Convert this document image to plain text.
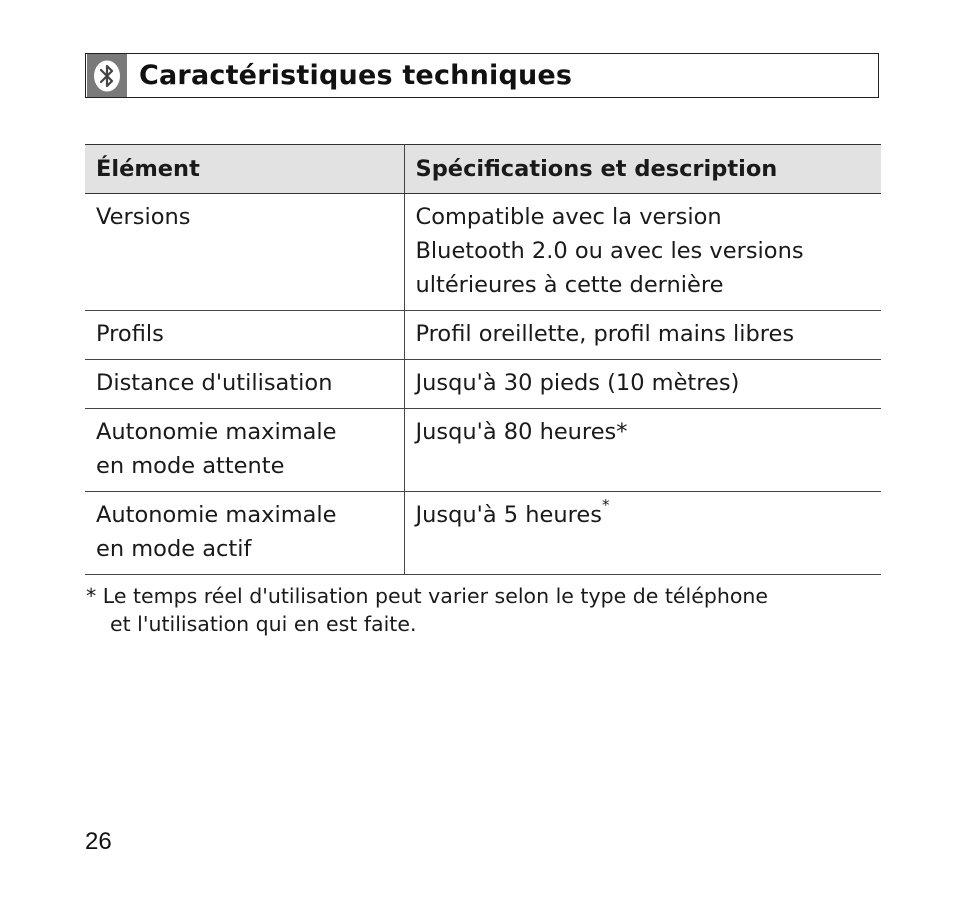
Caractéristiques techniques
Élément	Spécifications et description

Versions	Compatible avec la version
Bluetooth 2.0 ou avec les versions
ultérieures à cette dernière

Profils	Profil oreillette, profil mains libres

Distance d'utilisation	Jusqu'à 30 pieds (10 mètres)

Autonomie maximale
en mode attente	Jusqu'à 80 heures*

Autonomie maximale
en mode actif	Jusqu'à 5 heures*
* Le temps réel d'utilisation peut varier selon le type de téléphone
et l'utilisation qui en est faite.
26
